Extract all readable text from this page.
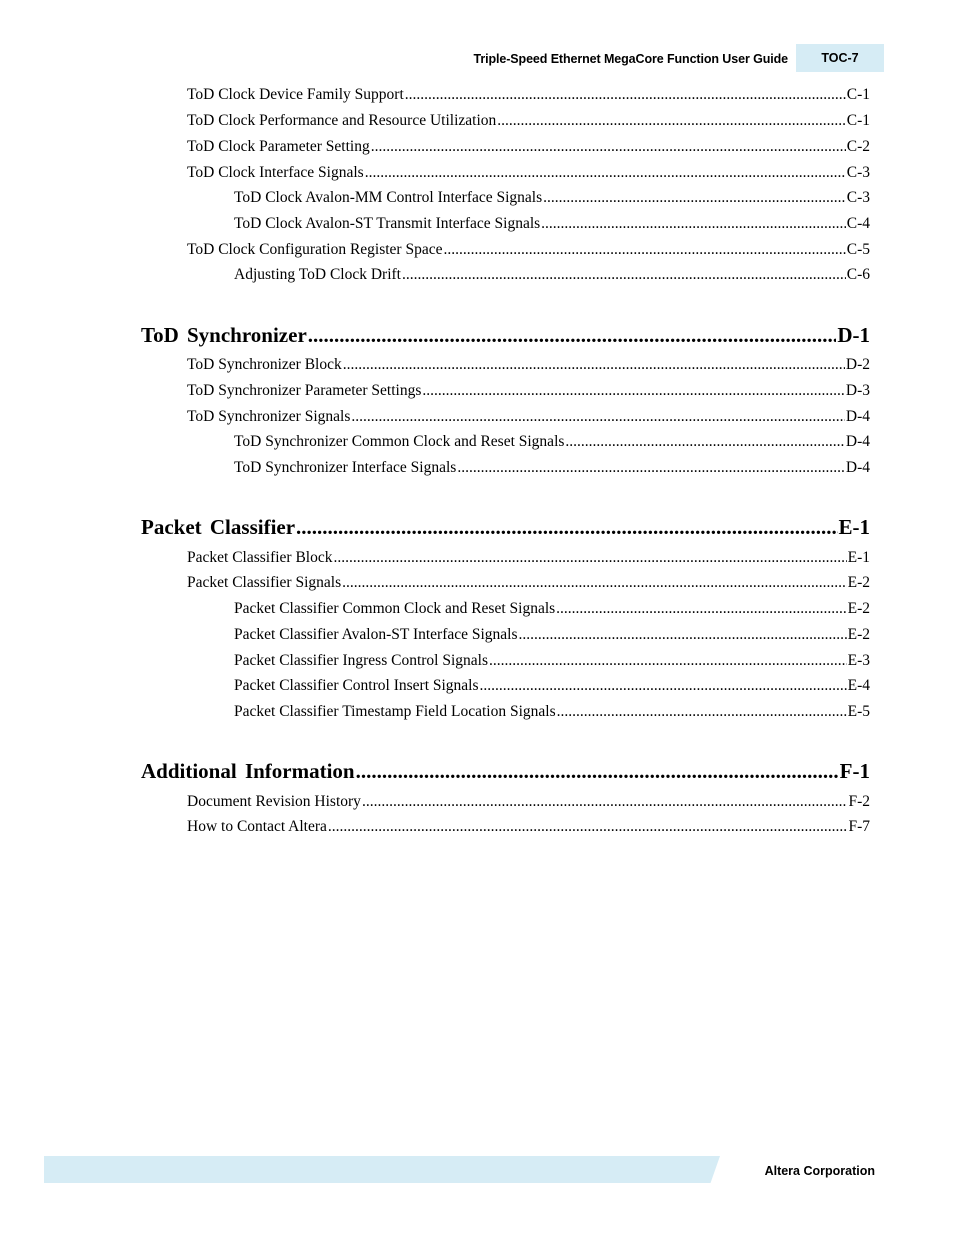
Triple-Speed Ethernet MegaCore Function User Guide	TOC-7
ToD Clock Device Family Support .....	C-1
ToD Clock Performance and Resource Utilization .....	C-1
ToD Clock Parameter Setting .....	C-2
ToD Clock Interface Signals .....	C-3
ToD Clock Avalon-MM Control Interface Signals .....	C-3
ToD Clock Avalon-ST Transmit Interface Signals .....	C-4
ToD Clock Configuration Register Space .....	C-5
Adjusting ToD Clock Drift .....	C-6
ToD Synchronizer .....	D-1
ToD Synchronizer Block .....	D-2
ToD Synchronizer Parameter Settings .....	D-3
ToD Synchronizer Signals .....	D-4
ToD Synchronizer Common Clock and Reset Signals .....	D-4
ToD Synchronizer Interface Signals .....	D-4
Packet Classifier .....	E-1
Packet Classifier Block .....	E-1
Packet Classifier Signals .....	E-2
Packet Classifier Common Clock and Reset Signals .....	E-2
Packet Classifier Avalon-ST Interface Signals .....	E-2
Packet Classifier Ingress Control Signals .....	E-3
Packet Classifier Control Insert Signals .....	E-4
Packet Classifier Timestamp Field Location Signals .....	E-5
Additional Information .....	F-1
Document Revision History .....	F-2
How to Contact Altera .....	F-7
Altera Corporation
